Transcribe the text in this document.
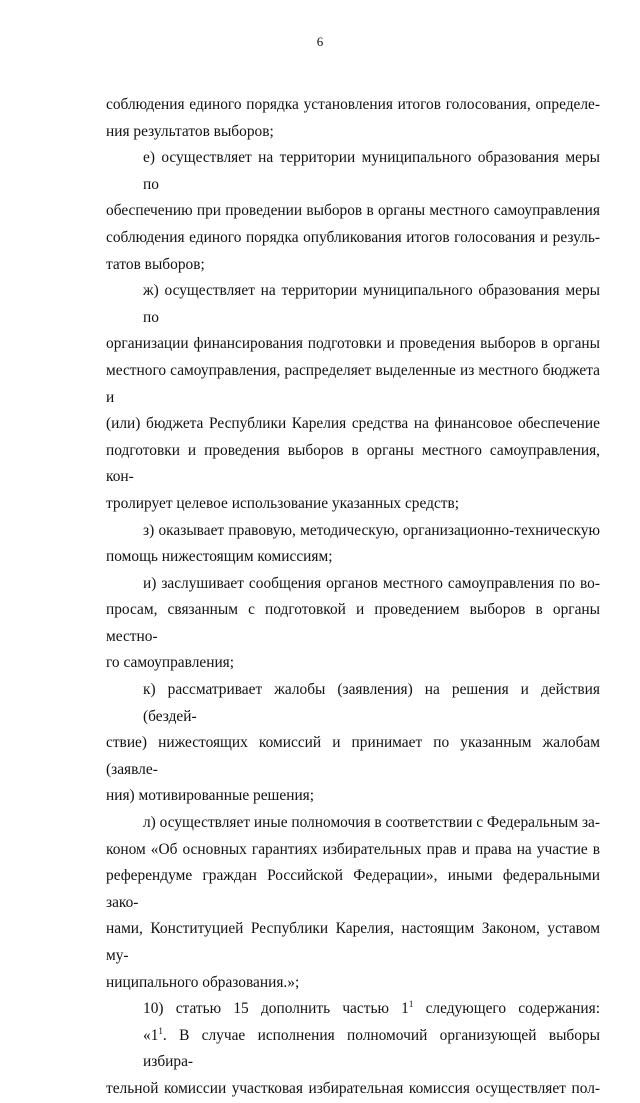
6
соблюдения единого порядка установления итогов голосования, определе-
ния результатов выборов;
е) осуществляет на территории муниципального образования меры по
обеспечению при проведении выборов в органы местного самоуправления
соблюдения единого порядка опубликования итогов голосования и резуль-
татов выборов;
ж) осуществляет на территории муниципального образования меры по
организации финансирования подготовки и проведения выборов в органы
местного самоуправления, распределяет выделенные из местного бюджета и
(или) бюджета Республики Карелия средства на финансовое обеспечение
подготовки и проведения выборов в органы местного самоуправления, кон-
тролирует целевое использование указанных средств;
з) оказывает правовую, методическую, организационно-техническую
помощь нижестоящим комиссиям;
и) заслушивает сообщения органов местного самоуправления по во-
просам, связанным с подготовкой и проведением выборов в органы местно-
го самоуправления;
к) рассматривает жалобы (заявления) на решения и действия (бездей-
ствие) нижестоящих комиссий и принимает по указанным жалобам (заявле-
ния) мотивированные решения;
л) осуществляет иные полномочия в соответствии с Федеральным за-
коном «Об основных гарантиях избирательных прав и права на участие в
референдуме граждан Российской Федерации», иными федеральными зако-
нами, Конституцией Республики Карелия, настоящим Законом, уставом му-
ниципального образования.»;
10) статью 15 дополнить частью $1^1$ следующего содержания:
«$1^1$. В случае исполнения полномочий организующей выборы избира-
тельной комиссии участковая избирательная комиссия осуществляет пол-
